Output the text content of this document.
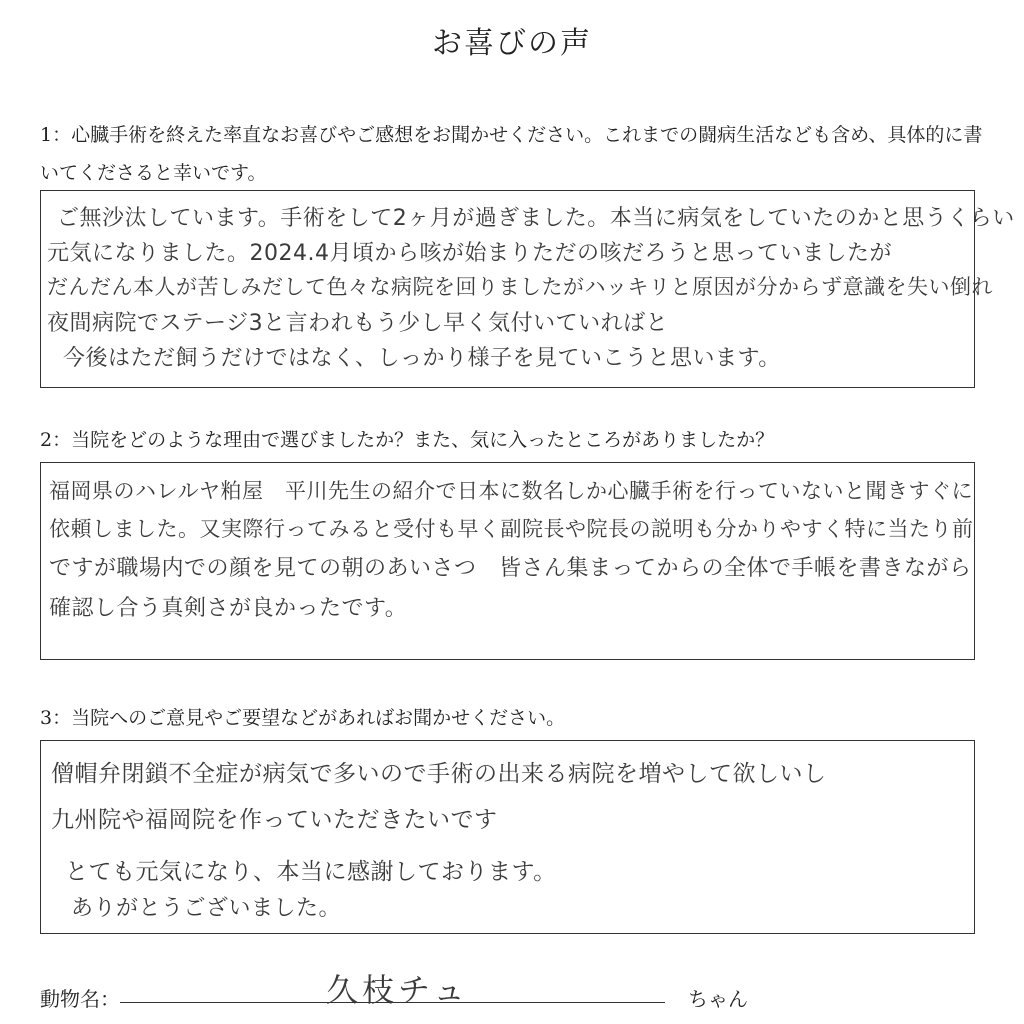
お喜びの声
1：心臓手術を終えた率直なお喜びやご感想をお聞かせください。これまでの闘病生活なども含め、具体的に書いてくださると幸いです。
ご無沙汰しています。手術をして2ヶ月が過ぎました。本当に病気をしていたのかと思うくらい
元気になりました。2024.4月頃から咳が始まりただの咳だろうと思っていましたが
だんだん本人が苦しみだして色々な病院を回りましたがハッキリと原因が分からず意識を失い倒れ
夜間病院でステージ3と言われもう少し早く気付いていればと
今後はただ飼うだけではなく、しっかり様子を見ていこうと思います。
2：当院をどのような理由で選びましたか？また、気に入ったところがありましたか？
福岡県のハレルヤ粕屋　平川先生の紹介で日本に数名しか心臓手術を行っていないと聞きすぐに
依頼しました。又実際行ってみると受付も早く副院長や院長の説明も分かりやすく特に当たり前
ですが職場内での顔を見ての朝のあいさつ　皆さん集まってからの全体で手帳を書きながら
確認し合う真剣さが良かったです。
3：当院へのご意見やご要望などがあればお聞かせください。
僧帽弁閉鎖不全症が病気で多いので手術の出来る病院を増やして欲しいし
九州院や福岡院を作っていただきたいです
とても元気になり、本当に感謝しております。
ありがとうございました。
動物名：	久枝チュ	ちゃん
